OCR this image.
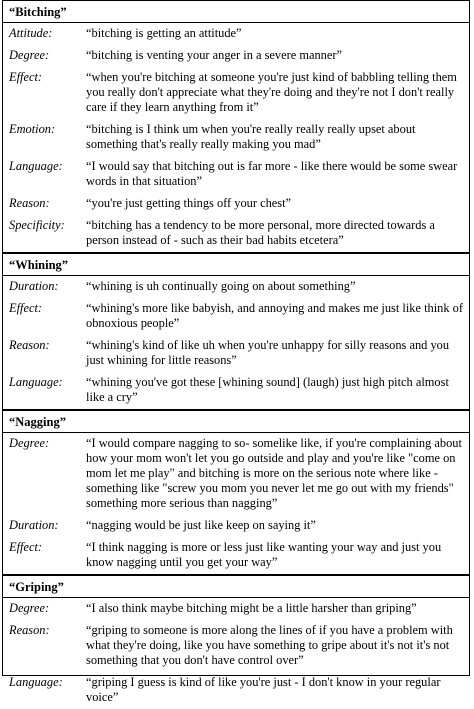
“Bitching”
Attitude:	“bitching is getting an attitude”
Degree:	“bitching is venting your anger in a severe manner”
Effect:	“when you're bitching at someone you're just kind of babbling telling them you really don't appreciate what they're doing and they're not I don't really care if they learn anything from it”
Emotion:	“bitching is I think um when you're really really really upset about something that's really really making you mad”
Language:	“I would say that bitching out is far more - like there would be some swear words in that situation”
Reason:	“you're just getting things off your chest”
Specificity:	“bitching has a tendency to be more personal, more directed towards a person instead of - such as their bad habits etcetera”
“Whining”
Duration:	“whining is uh continually going on about something”
Effect:	“whining's more like babyish, and annoying and makes me just like think of obnoxious people”
Reason:	“whining's kind of like uh when you're unhappy for silly reasons and you just whining for little reasons”
Language:	“whining you've got these [whining sound] (laugh) just high pitch almost like a cry”
“Nagging”
Degree:	“I would compare nagging to so- somelike like, if you're complaining about how your mom won't let you go outside and play and you're like "come on mom let me play" and bitching is more on the serious note where like - something like "screw you mom you never let me go out with my friends" something more serious than nagging”
Duration:	“nagging would be just like keep on saying it”
Effect:	“I think nagging is more or less just like wanting your way and just you know nagging until you get your way”
“Griping”
Degree:	“I also think maybe bitching might be a little harsher than griping”
Reason:	“griping to someone is more along the lines of if you have a problem with what they're doing, like you have something to gripe about it's not it's not something that you don't have control over”
Language:	“griping I guess is kind of like you're just - I don't know in your regular voice”
